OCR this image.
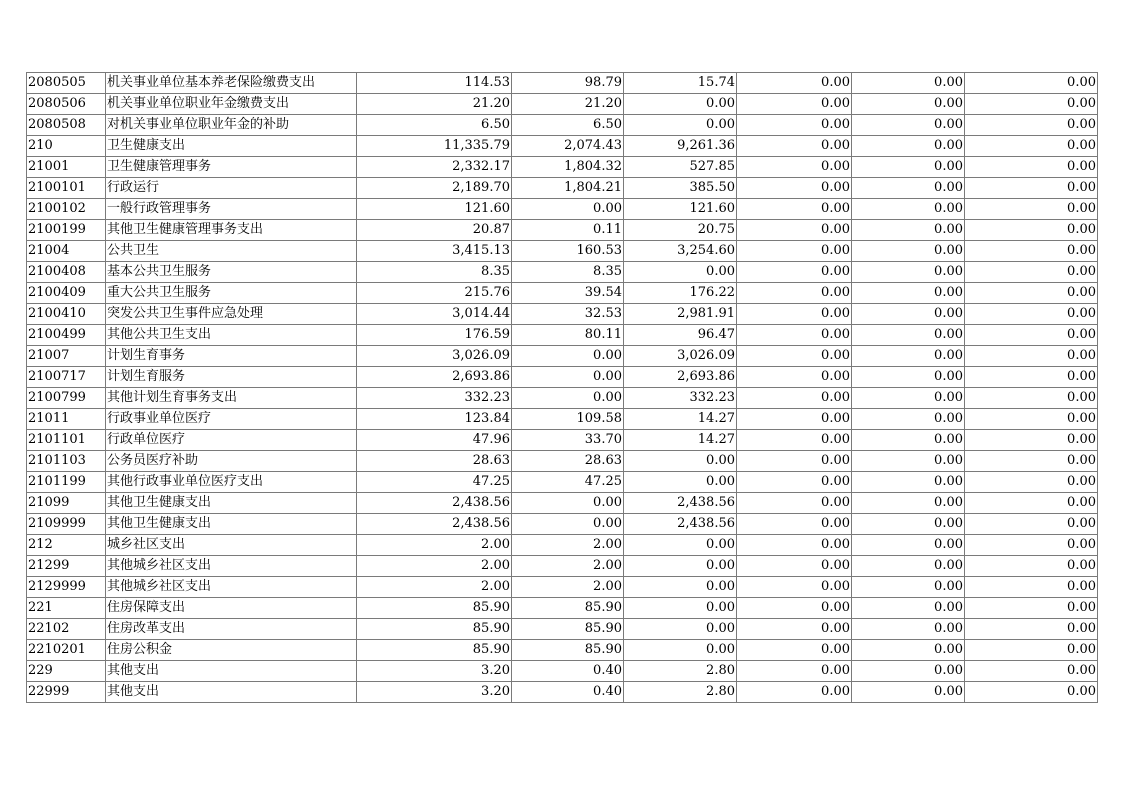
2080505	机关事业单位基本养老保险缴费支出	114.53	98.79	15.74	0.00	0.00	0.00
2080506	机关事业单位职业年金缴费支出	21.20	21.20	0.00	0.00	0.00	0.00
2080508	对机关事业单位职业年金的补助	6.50	6.50	0.00	0.00	0.00	0.00
210	卫生健康支出	11,335.79	2,074.43	9,261.36	0.00	0.00	0.00
21001	卫生健康管理事务	2,332.17	1,804.32	527.85	0.00	0.00	0.00
2100101	行政运行	2,189.70	1,804.21	385.50	0.00	0.00	0.00
2100102	一般行政管理事务	121.60	0.00	121.60	0.00	0.00	0.00
2100199	其他卫生健康管理事务支出	20.87	0.11	20.75	0.00	0.00	0.00
21004	公共卫生	3,415.13	160.53	3,254.60	0.00	0.00	0.00
2100408	基本公共卫生服务	8.35	8.35	0.00	0.00	0.00	0.00
2100409	重大公共卫生服务	215.76	39.54	176.22	0.00	0.00	0.00
2100410	突发公共卫生事件应急处理	3,014.44	32.53	2,981.91	0.00	0.00	0.00
2100499	其他公共卫生支出	176.59	80.11	96.47	0.00	0.00	0.00
21007	计划生育事务	3,026.09	0.00	3,026.09	0.00	0.00	0.00
2100717	计划生育服务	2,693.86	0.00	2,693.86	0.00	0.00	0.00
2100799	其他计划生育事务支出	332.23	0.00	332.23	0.00	0.00	0.00
21011	行政事业单位医疗	123.84	109.58	14.27	0.00	0.00	0.00
2101101	行政单位医疗	47.96	33.70	14.27	0.00	0.00	0.00
2101103	公务员医疗补助	28.63	28.63	0.00	0.00	0.00	0.00
2101199	其他行政事业单位医疗支出	47.25	47.25	0.00	0.00	0.00	0.00
21099	其他卫生健康支出	2,438.56	0.00	2,438.56	0.00	0.00	0.00
2109999	其他卫生健康支出	2,438.56	0.00	2,438.56	0.00	0.00	0.00
212	城乡社区支出	2.00	2.00	0.00	0.00	0.00	0.00
21299	其他城乡社区支出	2.00	2.00	0.00	0.00	0.00	0.00
2129999	其他城乡社区支出	2.00	2.00	0.00	0.00	0.00	0.00
221	住房保障支出	85.90	85.90	0.00	0.00	0.00	0.00
22102	住房改革支出	85.90	85.90	0.00	0.00	0.00	0.00
2210201	住房公积金	85.90	85.90	0.00	0.00	0.00	0.00
229	其他支出	3.20	0.40	2.80	0.00	0.00	0.00
22999	其他支出	3.20	0.40	2.80	0.00	0.00	0.00
